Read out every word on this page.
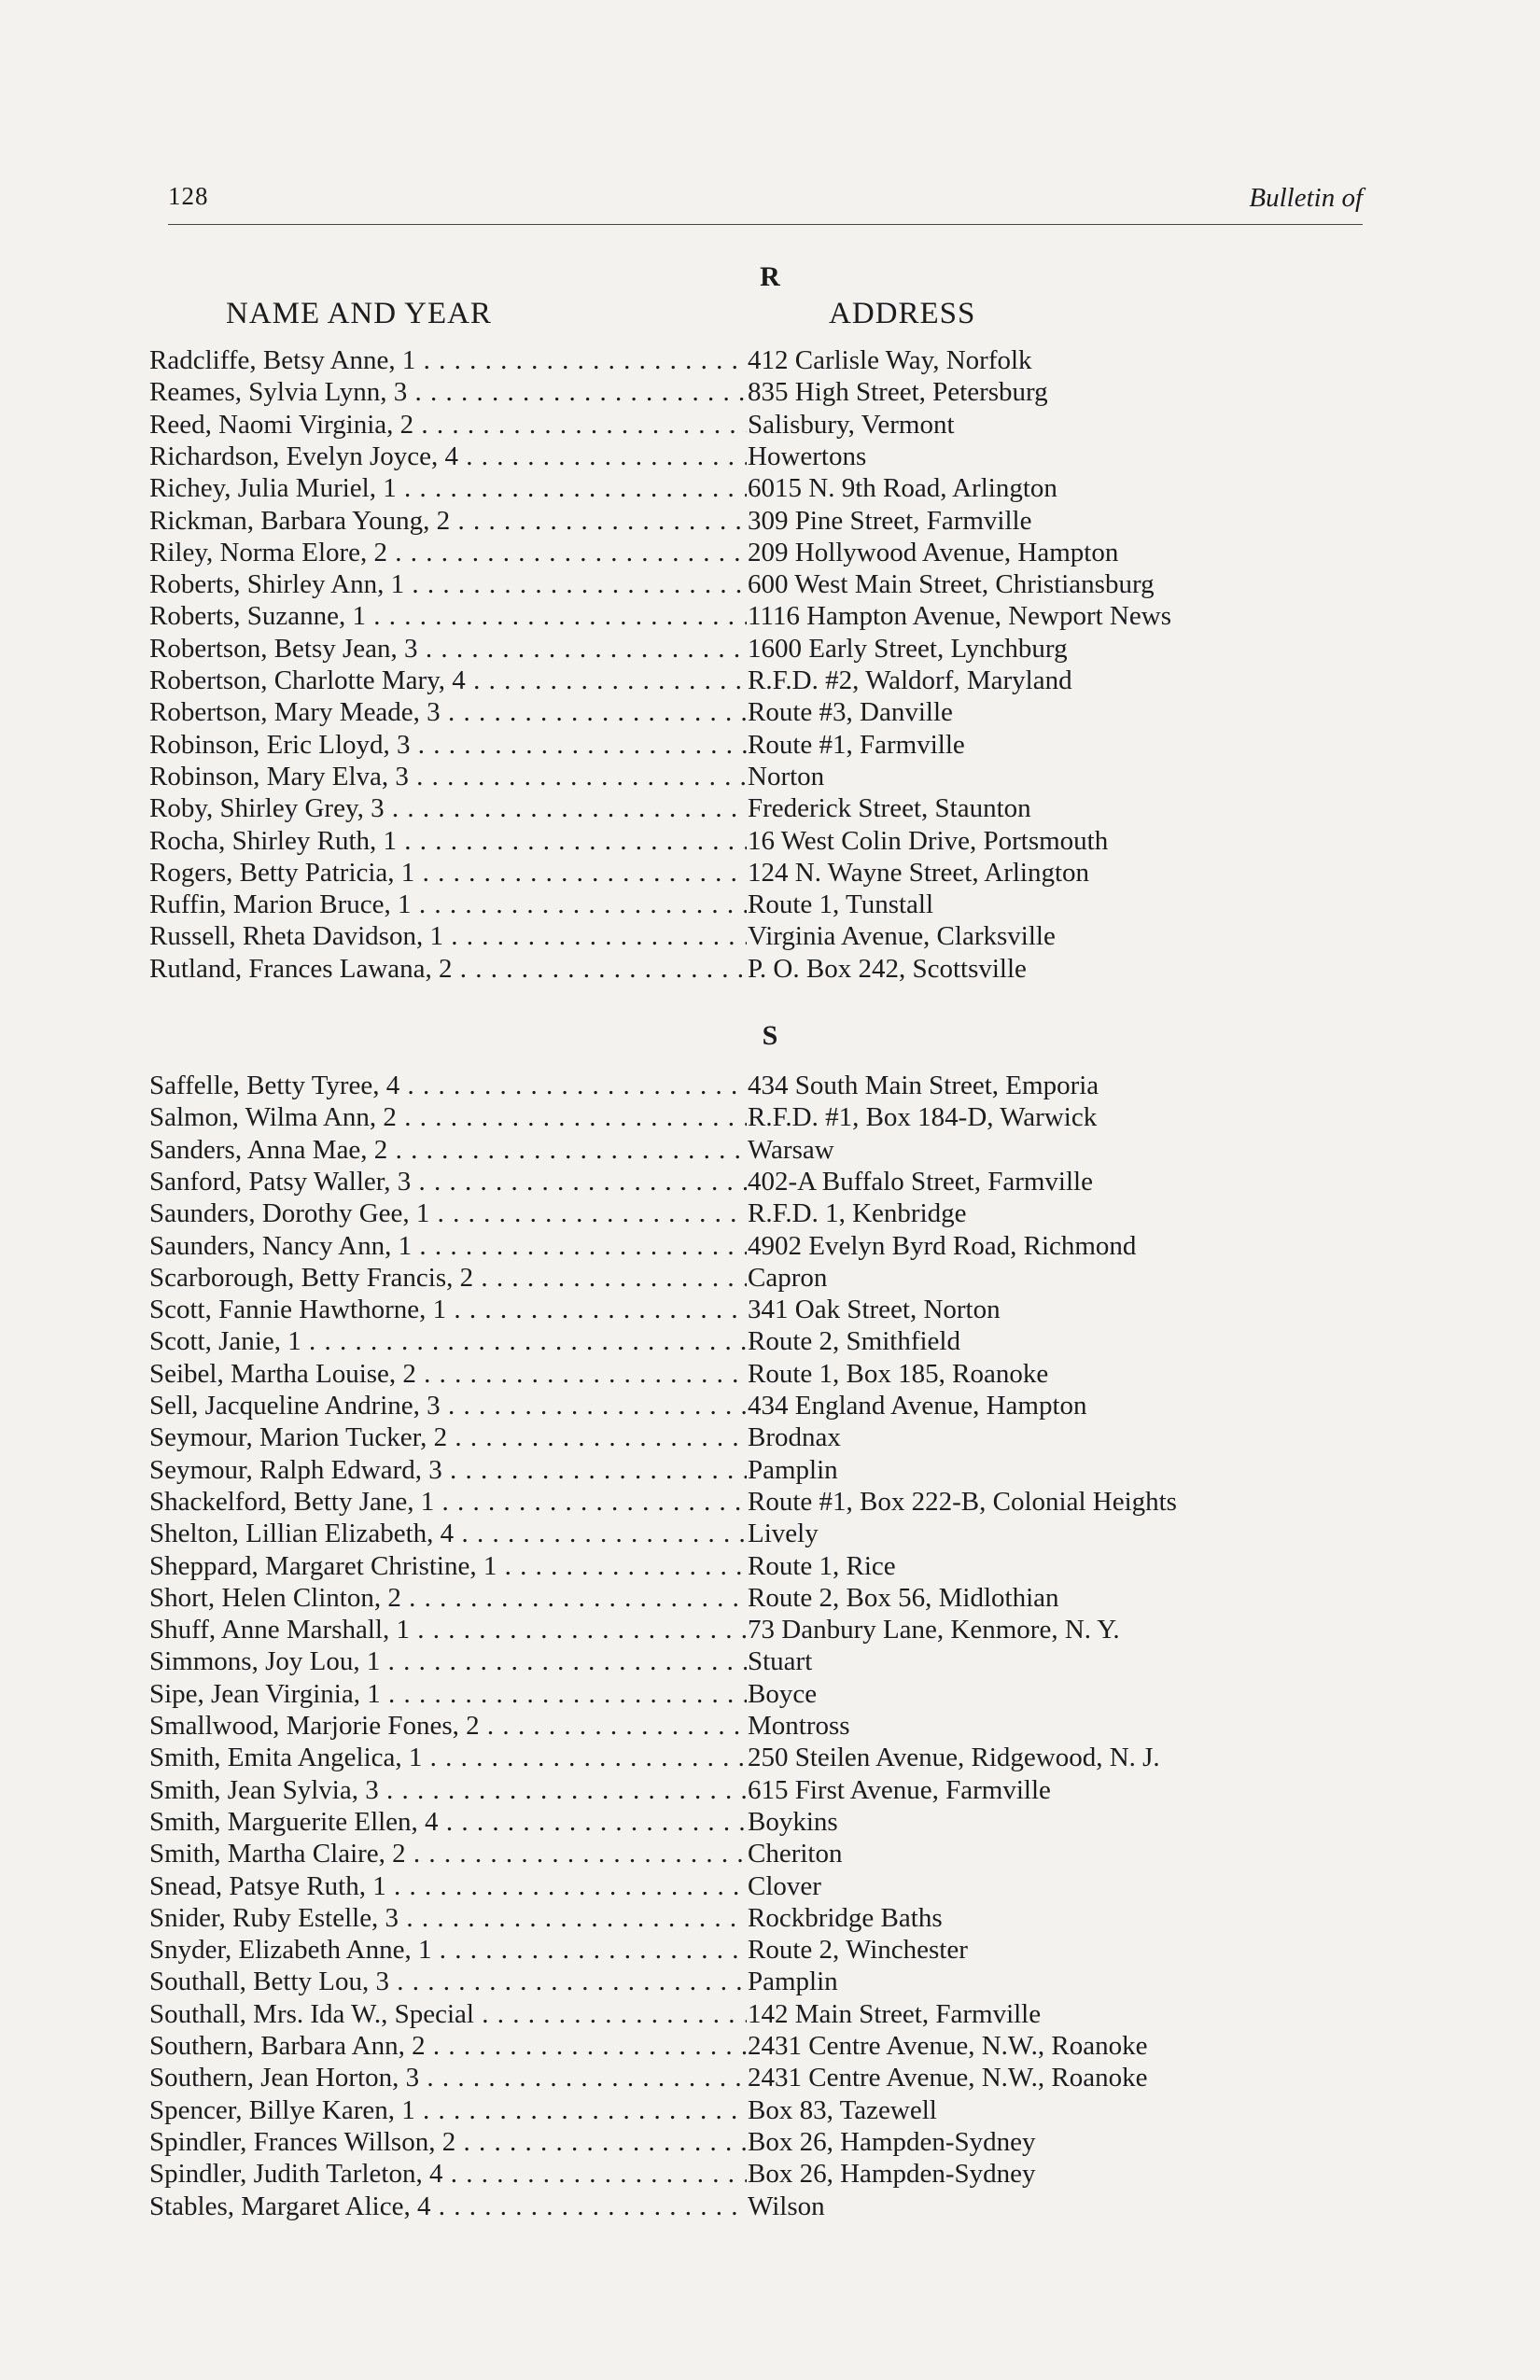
128	Bulletin of
R
NAME AND YEAR	ADDRESS
Radcliffe, Betsy Anne, 1 . . .	412 Carlisle Way, Norfolk
Reames, Sylvia Lynn, 3 . . .	835 High Street, Petersburg
Reed, Naomi Virginia, 2 . . .	Salisbury, Vermont
Richardson, Evelyn Joyce, 4 . . .	Howertons
Richey, Julia Muriel, 1 . . .	6015 N. 9th Road, Arlington
Rickman, Barbara Young, 2 . . .	309 Pine Street, Farmville
Riley, Norma Elore, 2 . . .	209 Hollywood Avenue, Hampton
Roberts, Shirley Ann, 1 . . .	600 West Main Street, Christiansburg
Roberts, Suzanne, 1 . . .	1116 Hampton Avenue, Newport News
Robertson, Betsy Jean, 3 . . .	1600 Early Street, Lynchburg
Robertson, Charlotte Mary, 4 . . .	R.F.D. #2, Waldorf, Maryland
Robertson, Mary Meade, 3 . . .	Route #3, Danville
Robinson, Eric Lloyd, 3 . . .	Route #1, Farmville
Robinson, Mary Elva, 3 . . .	Norton
Roby, Shirley Grey, 3 . . .	Frederick Street, Staunton
Rocha, Shirley Ruth, 1 . . .	16 West Colin Drive, Portsmouth
Rogers, Betty Patricia, 1 . . .	124 N. Wayne Street, Arlington
Ruffin, Marion Bruce, 1 . . .	Route 1, Tunstall
Russell, Rheta Davidson, 1 . . .	Virginia Avenue, Clarksville
Rutland, Frances Lawana, 2 . . .	P. O. Box 242, Scottsville
S
Saffelle, Betty Tyree, 4 . . .	434 South Main Street, Emporia
Salmon, Wilma Ann, 2 . . .	R.F.D. #1, Box 184-D, Warwick
Sanders, Anna Mae, 2 . . .	Warsaw
Sanford, Patsy Waller, 3 . . .	402-A Buffalo Street, Farmville
Saunders, Dorothy Gee, 1 . . .	R.F.D. 1, Kenbridge
Saunders, Nancy Ann, 1 . . .	4902 Evelyn Byrd Road, Richmond
Scarborough, Betty Francis, 2 . . .	Capron
Scott, Fannie Hawthorne, 1 . . .	341 Oak Street, Norton
Scott, Janie, 1 . . .	Route 2, Smithfield
Seibel, Martha Louise, 2 . . .	Route 1, Box 185, Roanoke
Sell, Jacqueline Andrine, 3 . . .	434 England Avenue, Hampton
Seymour, Marion Tucker, 2 . . .	Brodnax
Seymour, Ralph Edward, 3 . . .	Pamplin
Shackelford, Betty Jane, 1 . . .	Route #1, Box 222-B, Colonial Heights
Shelton, Lillian Elizabeth, 4 . . .	Lively
Sheppard, Margaret Christine, 1 . . .	Route 1, Rice
Short, Helen Clinton, 2 . . .	Route 2, Box 56, Midlothian
Shuff, Anne Marshall, 1 . . .	73 Danbury Lane, Kenmore, N. Y.
Simmons, Joy Lou, 1 . . .	Stuart
Sipe, Jean Virginia, 1 . . .	Boyce
Smallwood, Marjorie Fones, 2 . . .	Montross
Smith, Emita Angelica, 1 . . .	250 Steilen Avenue, Ridgewood, N. J.
Smith, Jean Sylvia, 3 . . .	615 First Avenue, Farmville
Smith, Marguerite Ellen, 4 . . .	Boykins
Smith, Martha Claire, 2 . . .	Cheriton
Snead, Patsye Ruth, 1 . . .	Clover
Snider, Ruby Estelle, 3 . . .	Rockbridge Baths
Snyder, Elizabeth Anne, 1 . . .	Route 2, Winchester
Southall, Betty Lou, 3 . . .	Pamplin
Southall, Mrs. Ida W., Special . . .	142 Main Street, Farmville
Southern, Barbara Ann, 2 . . .	2431 Centre Avenue, N.W., Roanoke
Southern, Jean Horton, 3 . . .	2431 Centre Avenue, N.W., Roanoke
Spencer, Billye Karen, 1 . . .	Box 83, Tazewell
Spindler, Frances Willson, 2 . . .	Box 26, Hampden-Sydney
Spindler, Judith Tarleton, 4 . . .	Box 26, Hampden-Sydney
Stables, Margaret Alice, 4 . . .	Wilson
